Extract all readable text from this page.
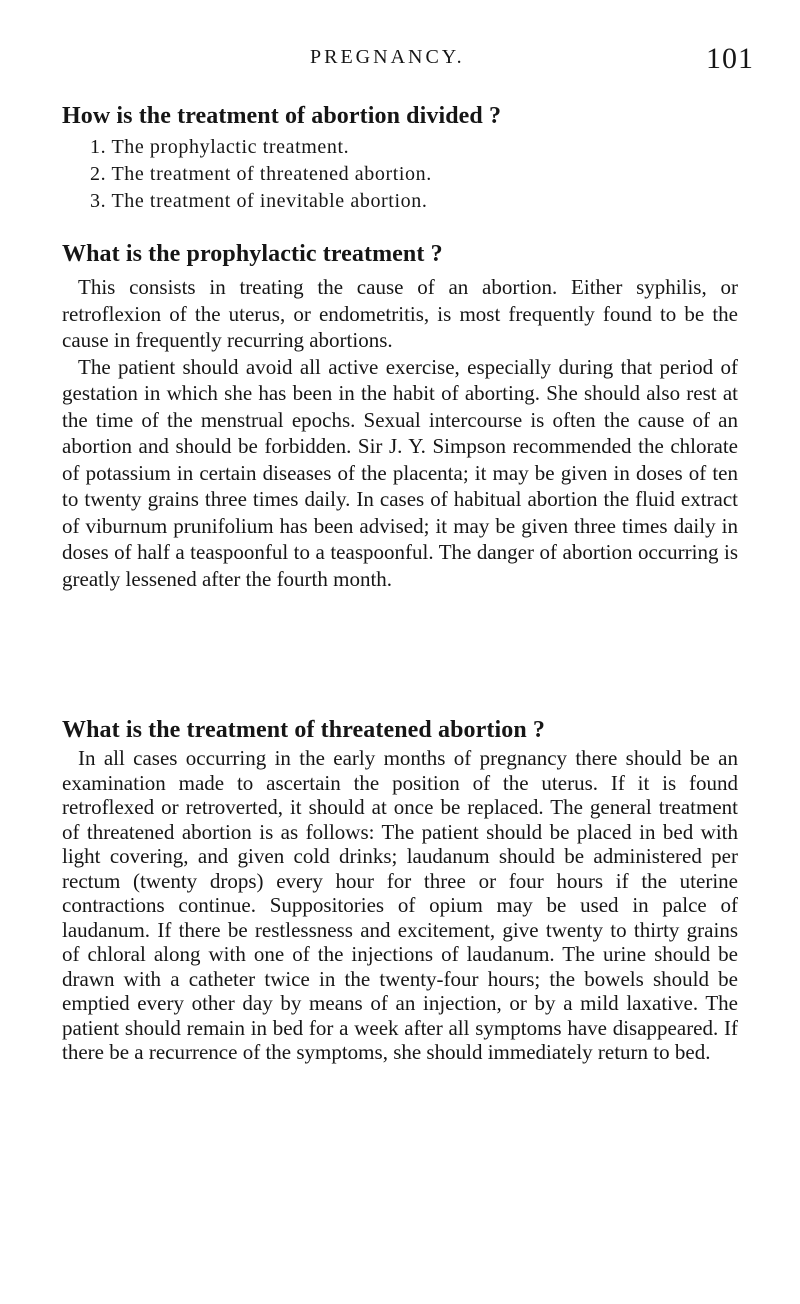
PREGNANCY.	101
How is the treatment of abortion divided ?
1. The prophylactic treatment.
2. The treatment of threatened abortion.
3. The treatment of inevitable abortion.
What is the prophylactic treatment ?

This consists in treating the cause of an abortion. Either syphilis, or retroflexion of the uterus, or endometritis, is most frequently found to be the cause in frequently recurring abortions.

The patient should avoid all active exercise, especially during that period of gestation in which she has been in the habit of aborting. She should also rest at the time of the menstrual epochs. Sexual intercourse is often the cause of an abortion and should be forbidden. Sir J. Y. Simpson recommended the chlorate of potassium in certain diseases of the placenta; it may be given in doses of ten to twenty grains three times daily. In cases of habitual abortion the fluid extract of viburnum prunifolium has been advised; it may be given three times daily in doses of half a teaspoonful to a teaspoonful. The danger of abortion occurring is greatly lessened after the fourth month.

What is the treatment of threatened abortion ?

In all cases occurring in the early months of pregnancy there should be an examination made to ascertain the position of the uterus. If it is found retroflexed or retroverted, it should at once be replaced. The general treatment of threatened abortion is as follows: The patient should be placed in bed with light covering, and given cold drinks; laudanum should be administered per rectum (twenty drops) every hour for three or four hours if the uterine contractions continue. Suppositories of opium may be used in palce of laudanum. If there be restlessness and excitement, give twenty to thirty grains of chloral along with one of the injections of laudanum. The urine should be drawn with a catheter twice in the twenty-four hours; the bowels should be emptied every other day by means of an injection, or by a mild laxative. The patient should remain in bed for a week after all symptoms have disappeared. If there be a recurrence of the symptoms, she should immediately return to bed.
